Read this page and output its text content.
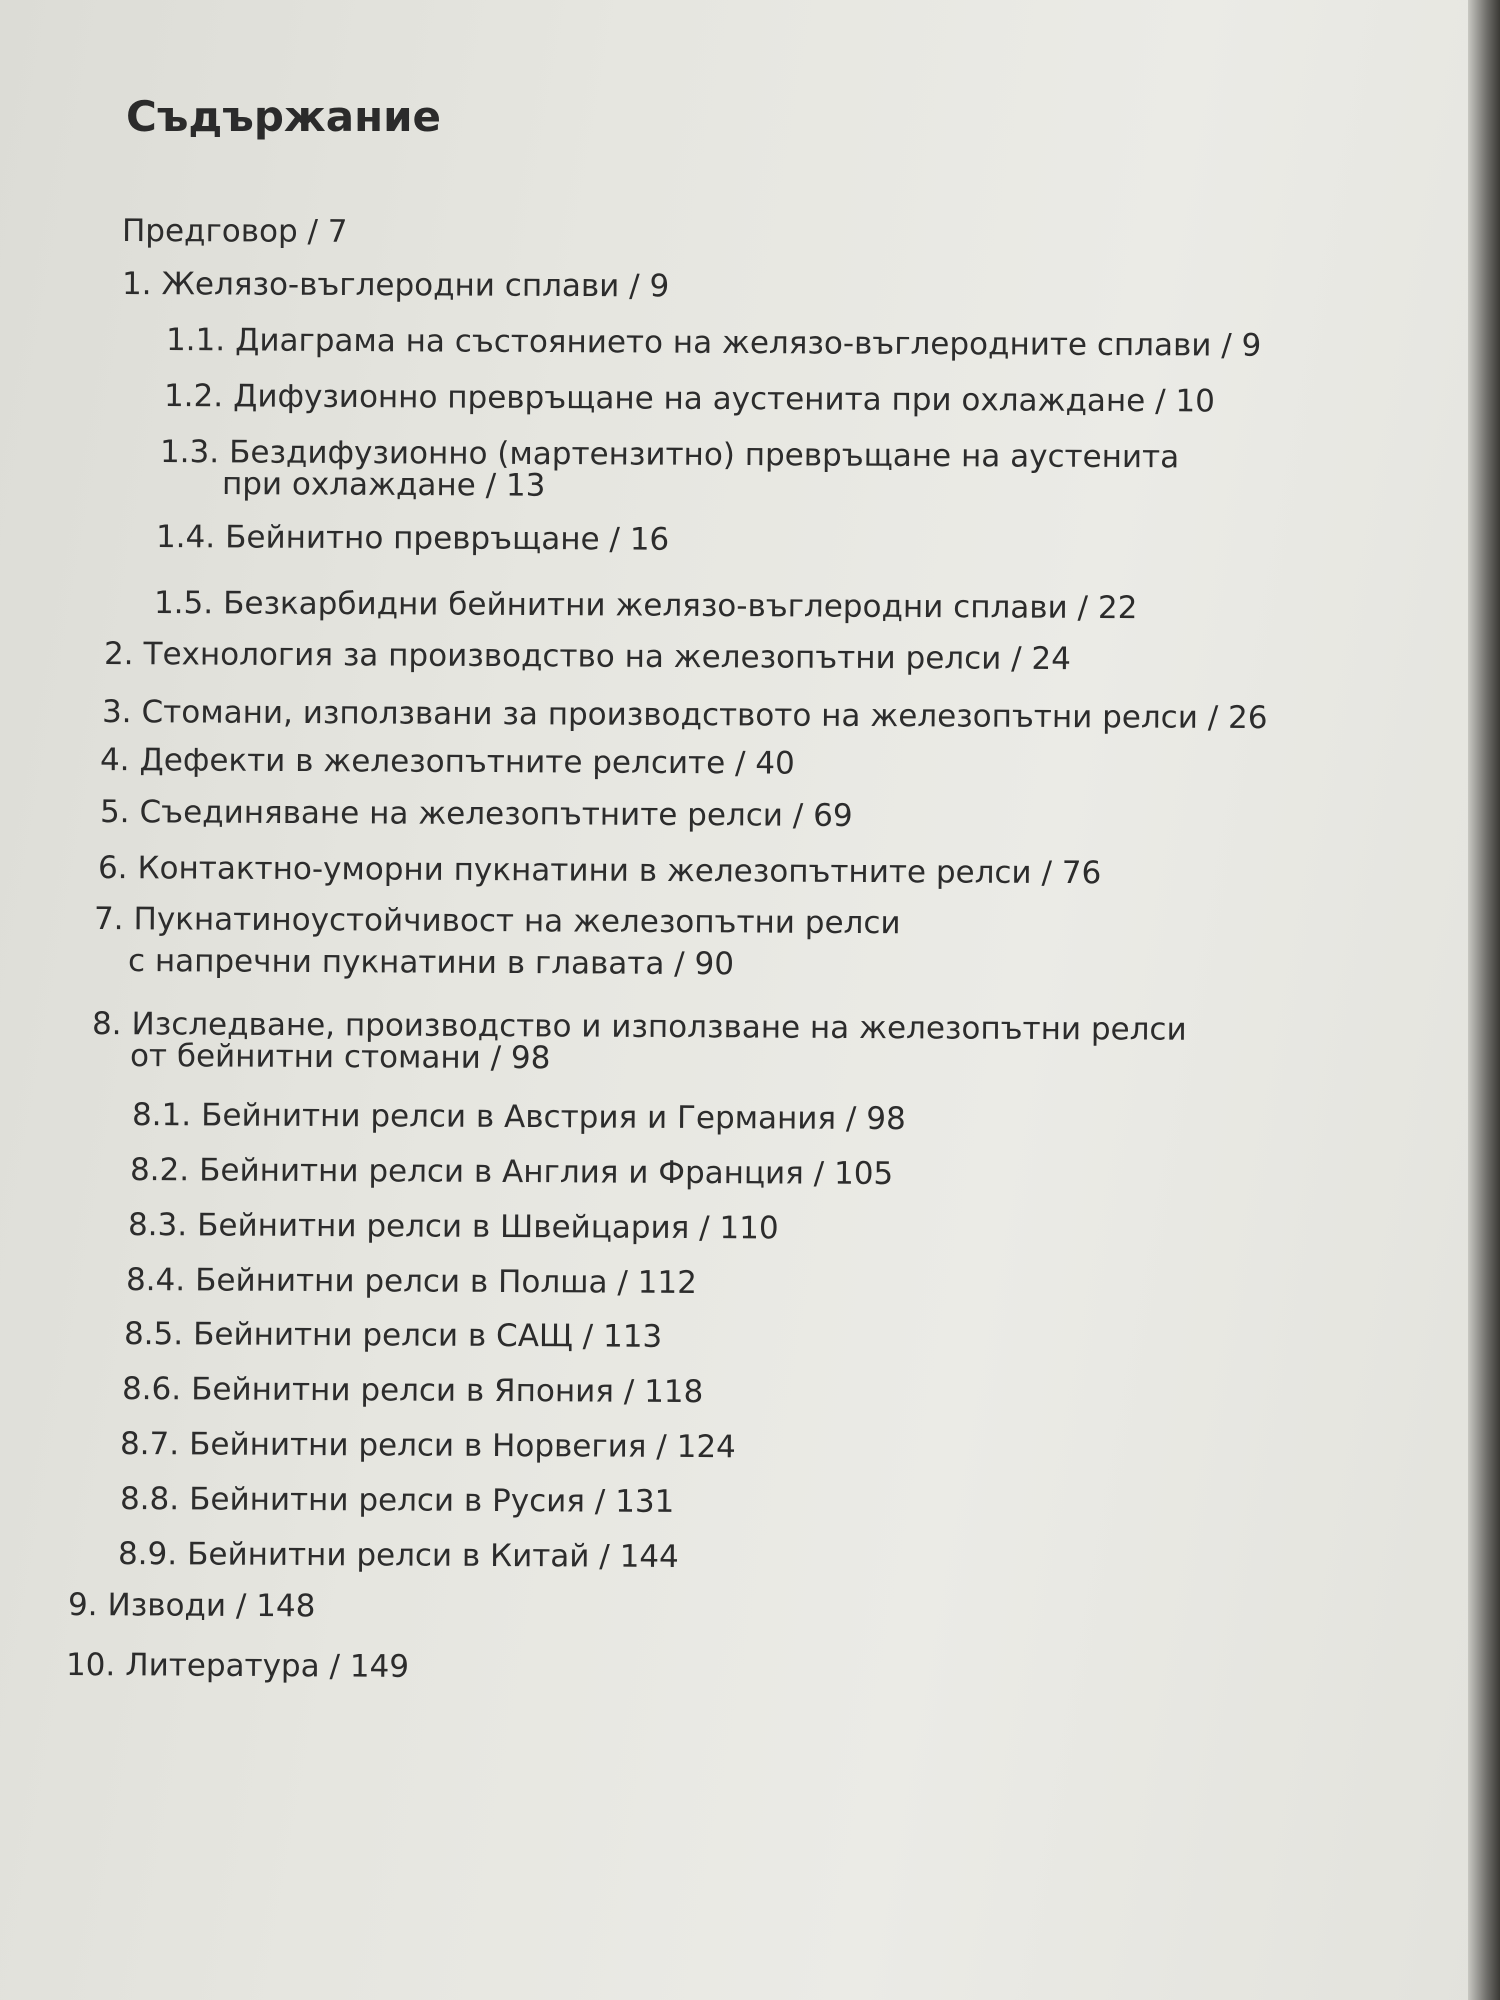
Съдържание
Предговор / 7
1. Желязо-въглеродни сплави / 9
1.1. Диаграма на състоянието на желязо-въглеродните сплави / 9
1.2. Дифузионно превръщане на аустенита при охлаждане / 10
1.3. Бездифузионно (мартензитно) превръщане на аустенита
при охлаждане / 13
1.4. Бейнитно превръщане / 16
1.5. Безкарбидни бейнитни желязо-въглеродни сплави / 22
2. Технология за производство на железопътни релси / 24
3. Стомани, използвани за производството на железопътни релси / 26
4. Дефекти в железопътните релсите / 40
5. Съединяване на железопътните релси / 69
6. Контактно-уморни пукнатини в железопътните релси / 76
7. Пукнатиноустойчивост на железопътни релси
с напречни пукнатини в главата / 90
8. Изследване, производство и използване на железопътни релси
от бейнитни стомани / 98
8.1. Бейнитни релси в Австрия и Германия / 98
8.2. Бейнитни релси в Англия и Франция / 105
8.3. Бейнитни релси в Швейцария / 110
8.4. Бейнитни релси в Полша / 112
8.5. Бейнитни релси в САЩ / 113
8.6. Бейнитни релси в Япония / 118
8.7. Бейнитни релси в Норвегия / 124
8.8. Бейнитни релси в Русия / 131
8.9. Бейнитни релси в Китай / 144
9. Изводи / 148
10. Литература / 149
